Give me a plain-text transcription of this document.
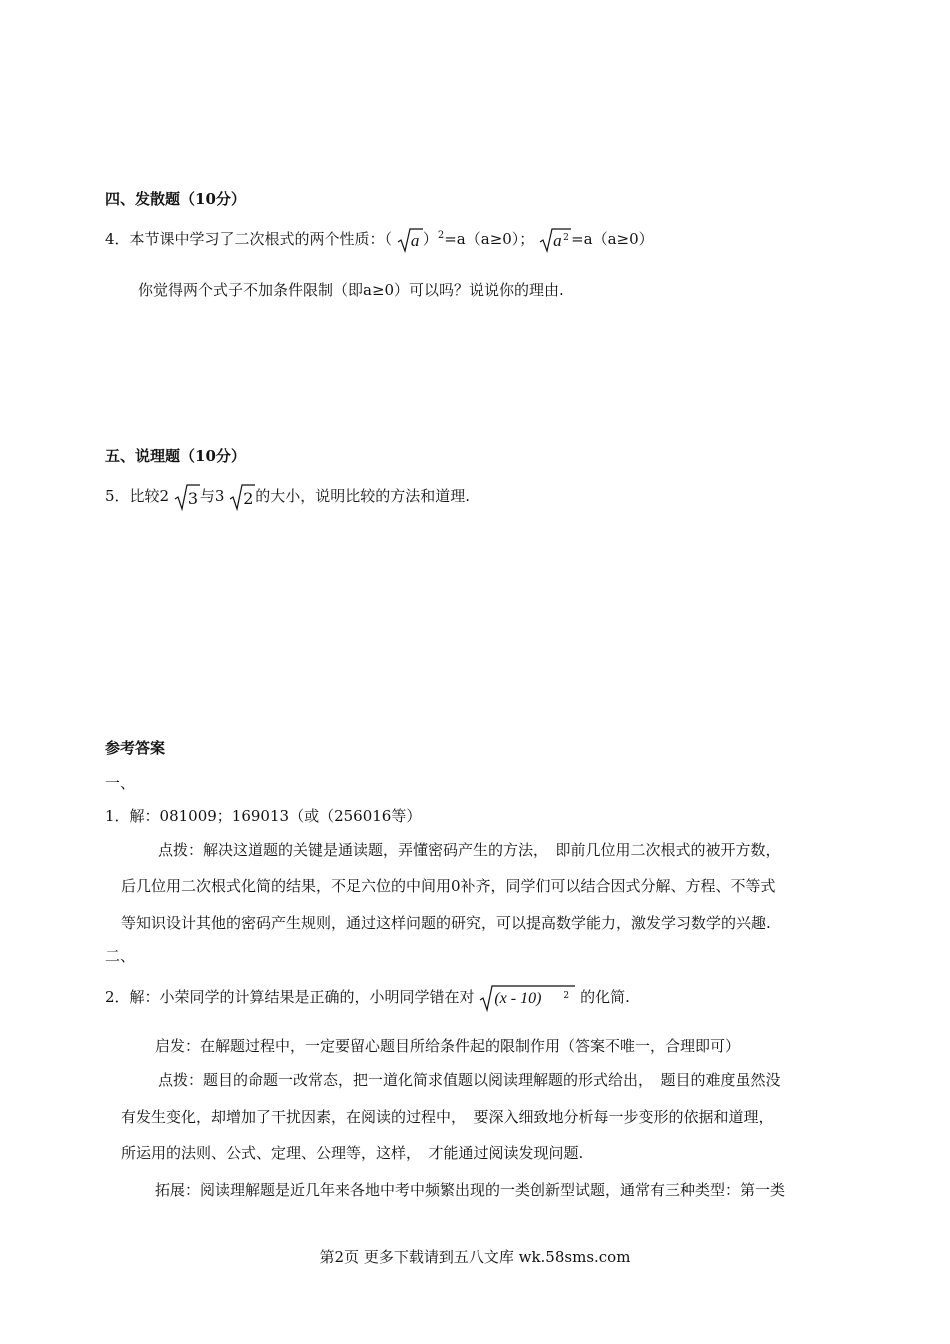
四、发散题（10分）
4．本节课中学习了二次根式的两个性质：（ a ）$^2$=a（a≥0）； a 2 =a（a≥0）
你觉得两个式子不加条件限制（即a≥0）可以吗？说说你的理由.
五、说理题（10分）
5．比较2 3 与3 2 的大小，说明比较的方法和道理.
参考答案
一、
1．解：081009；169013（或（256016等）
点拨：解决这道题的关键是通读题，弄懂密码产生的方法，　即前几位用二次根式的被开方数，
后几位用二次根式化简的结果，不足六位的中间用0补齐，同学们可以结合因式分解、方程、不等式
等知识设计其他的密码产生规则，通过这样问题的研究，可以提高数学能力，激发学习数学的兴趣.
二、
2．解：小荣同学的计算结果是正确的，小明同学错在对 (x - 10) 2 的化简.
启发：在解题过程中，一定要留心题目所给条件起的限制作用（答案不唯一，合理即可）
点拨：题目的命题一改常态，把一道化简求值题以阅读理解题的形式给出，　题目的难度虽然没
有发生变化，却增加了干扰因素，在阅读的过程中，　要深入细致地分析每一步变形的依据和道理，
所运用的法则、公式、定理、公理等，这样，　才能通过阅读发现问题.
拓展：阅读理解题是近几年来各地中考中频繁出现的一类创新型试题，通常有三种类型：第一类
第2页 更多下载请到五八文库 wk.58sms.com
